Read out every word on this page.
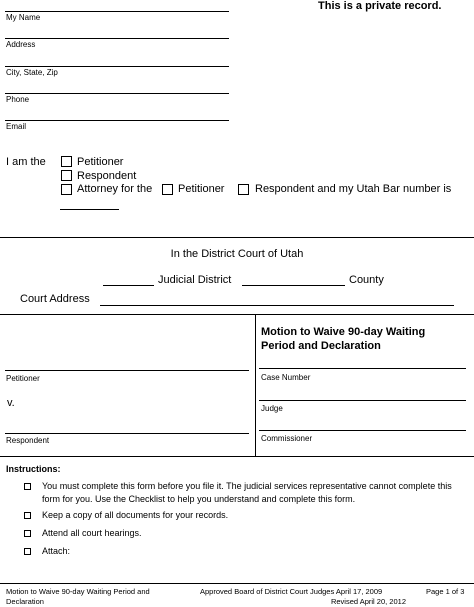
This is a private record.
My Name
Address
City, State, Zip
Phone
Email
I am the	Petitioner
Respondent
Attorney for the Petitioner	Respondent and my Utah Bar number is
In the District Court of Utah
Judicial District	County
Court Address
Petitioner
v.
Respondent
Motion to Waive 90-day Waiting Period and Declaration
Case Number
Judge
Commissioner
Instructions:
You must complete this form before you file it. The judicial services representative cannot complete this form for you. Use the Checklist to help you understand and complete this form.
Keep a copy of all documents for your records.
Attend all court hearings.
Attach:
Motion to Waive 90-day Waiting Period and Declaration
Approved Board of District Court Judges April 17, 2009
Revised April 20, 2012
Page 1 of 3
